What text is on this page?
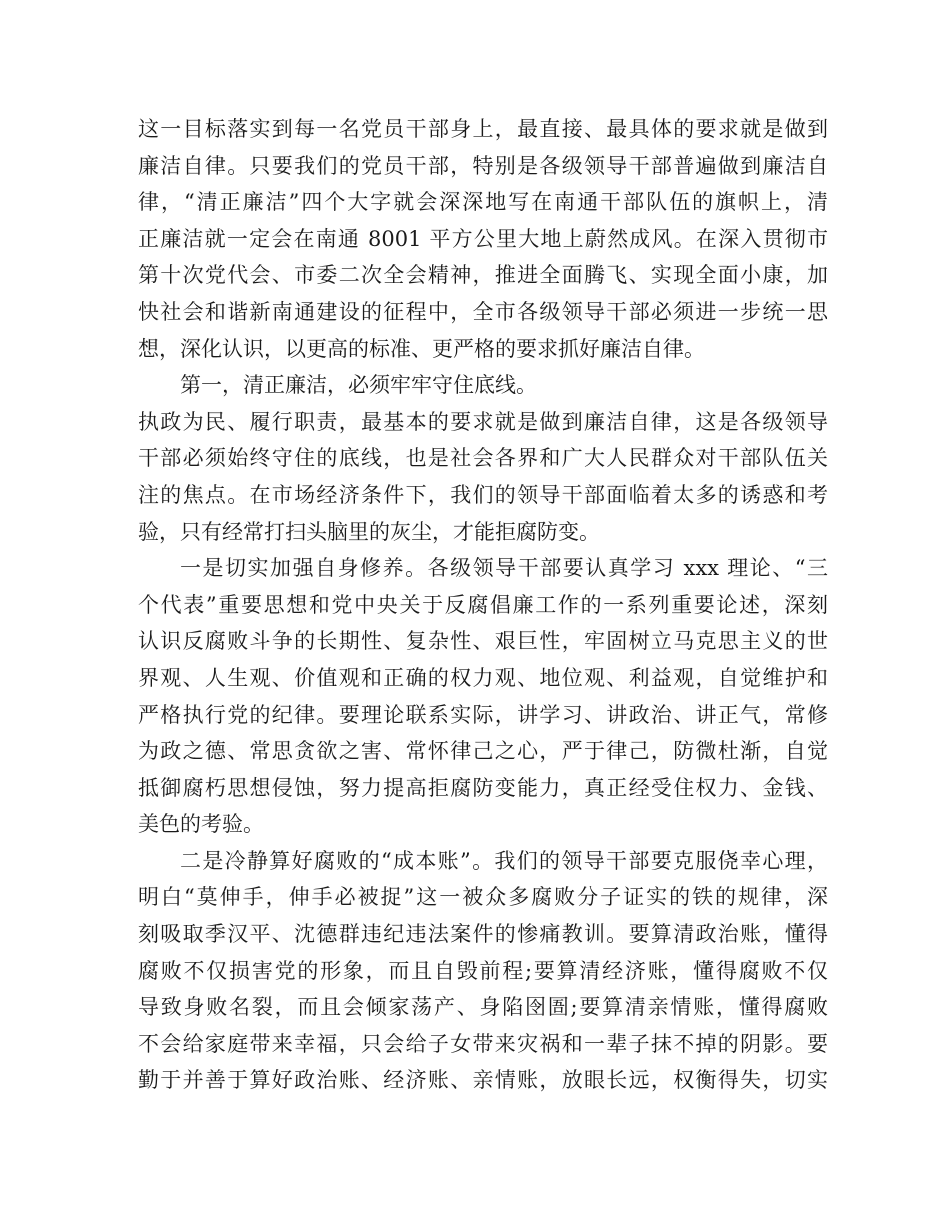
这一目标落实到每一名党员干部身上，最直接、最具体的要求就是做到
廉洁自律。只要我们的党员干部，特别是各级领导干部普遍做到廉洁自
律，“清正廉洁”四个大字就会深深地写在南通干部队伍的旗帜上，清
正廉洁就一定会在南通 8001 平方公里大地上蔚然成风。在深入贯彻市
第十次党代会、市委二次全会精神，推进全面腾飞、实现全面小康，加
快社会和谐新南通建设的征程中，全市各级领导干部必须进一步统一思
想，深化认识，以更高的标准、更严格的要求抓好廉洁自律。
第一，清正廉洁，必须牢牢守住底线。
执政为民、履行职责，最基本的要求就是做到廉洁自律，这是各级领导
干部必须始终守住的底线，也是社会各界和广大人民群众对干部队伍关
注的焦点。在市场经济条件下，我们的领导干部面临着太多的诱惑和考
验，只有经常打扫头脑里的灰尘，才能拒腐防变。
一是切实加强自身修养。各级领导干部要认真学习 xxx 理论、“三
个代表”重要思想和党中央关于反腐倡廉工作的一系列重要论述，深刻
认识反腐败斗争的长期性、复杂性、艰巨性，牢固树立马克思主义的世
界观、人生观、价值观和正确的权力观、地位观、利益观，自觉维护和
严格执行党的纪律。要理论联系实际，讲学习、讲政治、讲正气，常修
为政之德、常思贪欲之害、常怀律己之心，严于律己，防微杜渐，自觉
抵御腐朽思想侵蚀，努力提高拒腐防变能力，真正经受住权力、金钱、
美色的考验。
二是冷静算好腐败的“成本账”。我们的领导干部要克服侥幸心理，
明白“莫伸手，伸手必被捉”这一被众多腐败分子证实的铁的规律，深
刻吸取季汉平、沈德群违纪违法案件的惨痛教训。要算清政治账，懂得
腐败不仅损害党的形象，而且自毁前程;要算清经济账，懂得腐败不仅
导致身败名裂，而且会倾家荡产、身陷囹圄;要算清亲情账，懂得腐败
不会给家庭带来幸福，只会给子女带来灾祸和一辈子抹不掉的阴影。要
勤于并善于算好政治账、经济账、亲情账，放眼长远，权衡得失，切实
